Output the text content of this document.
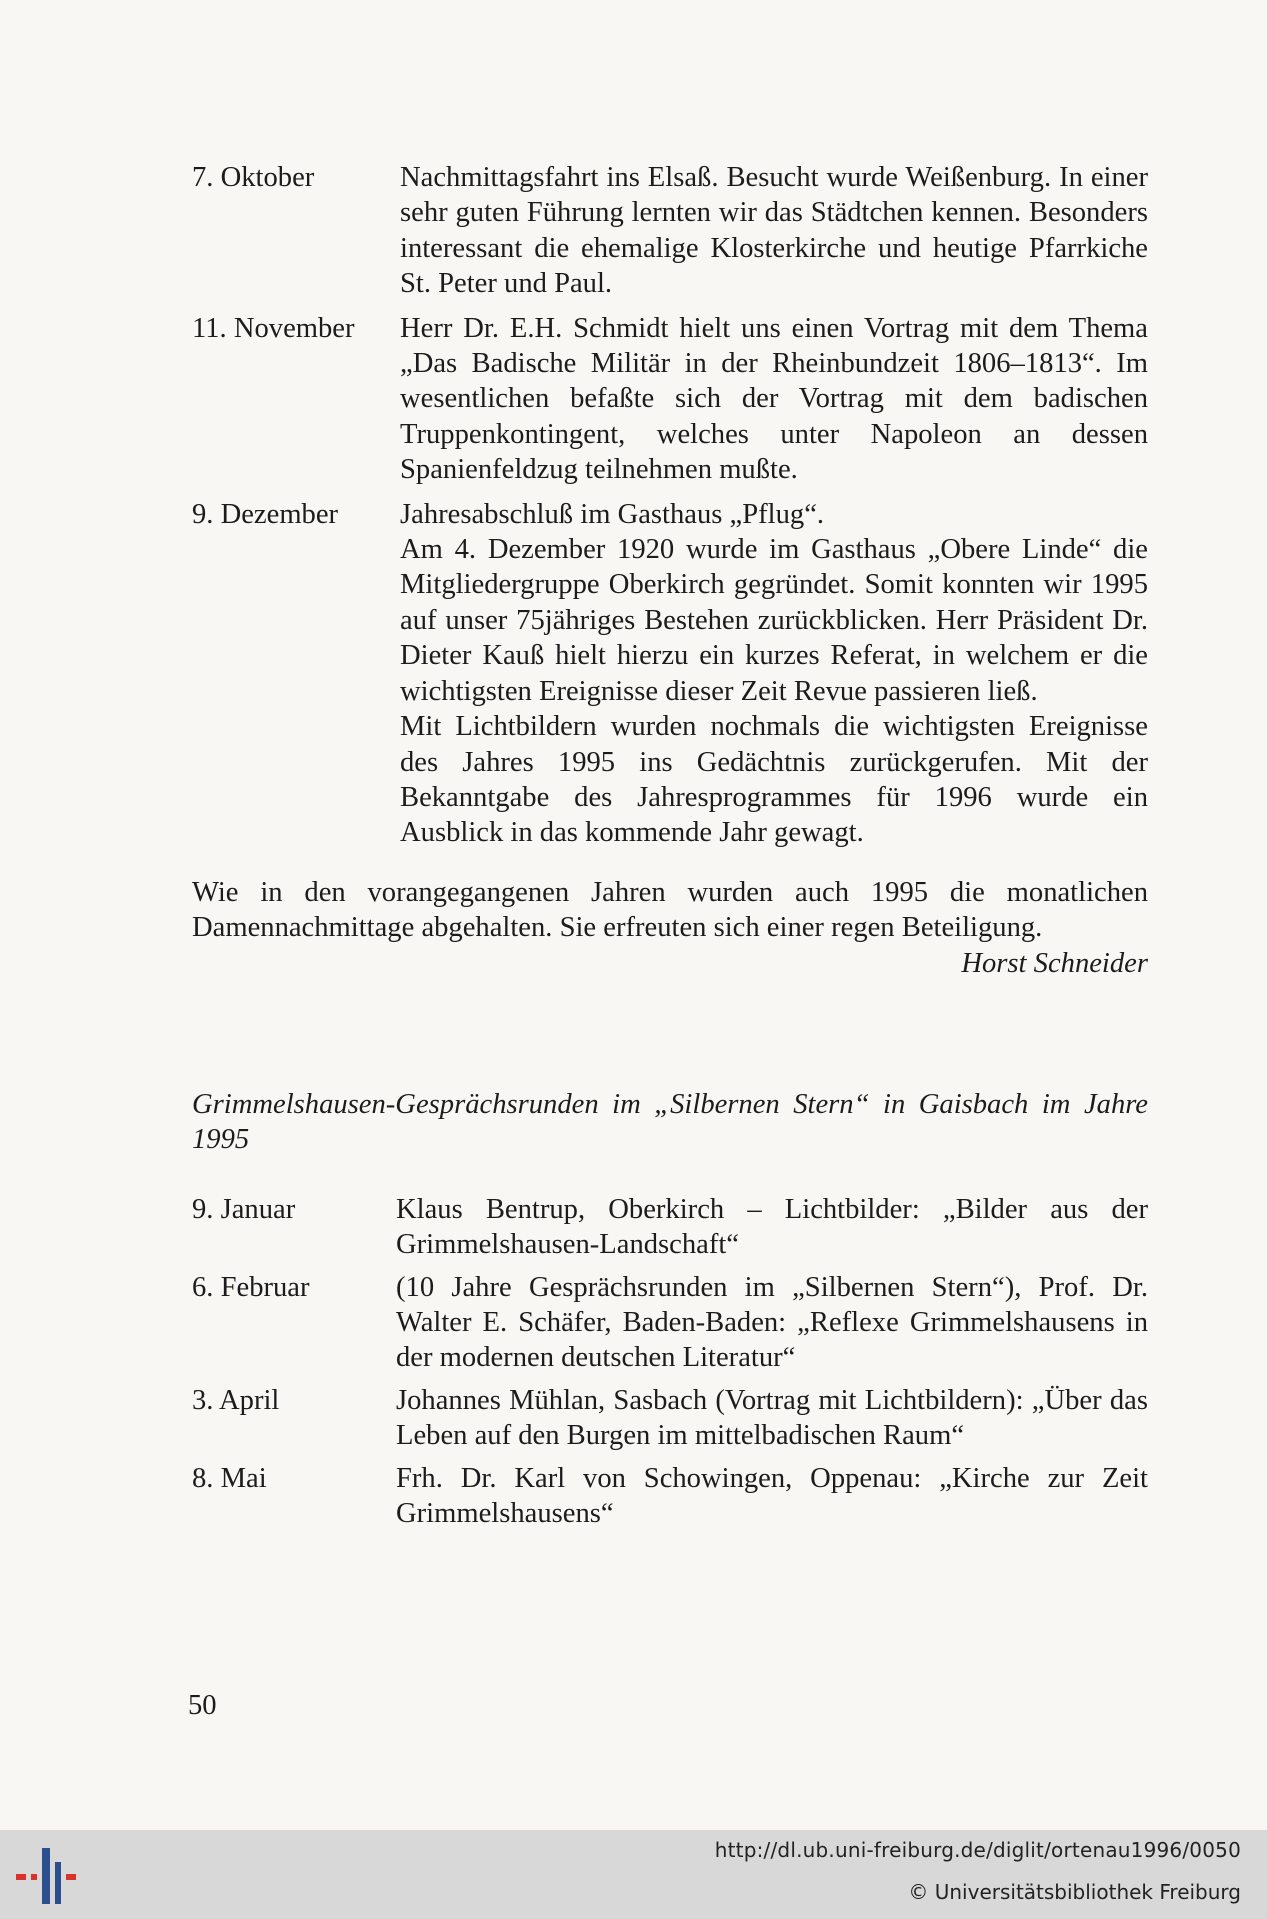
7. Oktober	Nachmittagsfahrt ins Elsaß. Besucht wurde Weißenburg. In einer sehr guten Führung lernten wir das Städtchen kennen. Besonders interessant die ehemalige Klosterkirche und heutige Pfarrkiche St. Peter und Paul.

11. November	Herr Dr. E.H. Schmidt hielt uns einen Vortrag mit dem Thema „Das Badische Militär in der Rheinbundzeit 1806–1813“. Im wesentlichen befaßte sich der Vortrag mit dem badischen Truppenkontingent, welches unter Napoleon an dessen Spanienfeldzug teilnehmen mußte.

9. Dezember	Jahresabschluß im Gasthaus „Pflug“.

Am 4. Dezember 1920 wurde im Gasthaus „Obere Linde“ die Mitgliedergruppe Oberkirch gegründet. Somit konnten wir 1995 auf unser 75jähriges Bestehen zurückblicken. Herr Präsident Dr. Dieter Kauß hielt hierzu ein kurzes Referat, in welchem er die wichtigsten Ereignisse dieser Zeit Revue passieren ließ.

Mit Lichtbildern wurden nochmals die wichtigsten Ereignisse des Jahres 1995 ins Gedächtnis zurückgerufen. Mit der Bekanntgabe des Jahresprogrammes für 1996 wurde ein Ausblick in das kommende Jahr gewagt.

Wie in den vorangegangenen Jahren wurden auch 1995 die monatlichen Damennachmittage abgehalten. Sie erfreuten sich einer regen Beteiligung.
Horst Schneider
Grimmelshausen-Gesprächsrunden im „Silbernen Stern“ in Gaisbach im Jahre 1995
9. Januar	Klaus Bentrup, Oberkirch – Lichtbilder: „Bilder aus der Grimmelshausen-Landschaft“
6. Februar	(10 Jahre Gesprächsrunden im „Silbernen Stern“), Prof. Dr. Walter E. Schäfer, Baden-Baden: „Reflexe Grimmelshausens in der modernen deutschen Literatur“
3. April	Johannes Mühlan, Sasbach (Vortrag mit Lichtbildern): „Über das Leben auf den Burgen im mittelbadischen Raum“
8. Mai	Frh. Dr. Karl von Schowingen, Oppenau: „Kirche zur Zeit Grimmelshausens“
50
http://dl.ub.uni-freiburg.de/diglit/ortenau1996/0050
© Universitätsbibliothek Freiburg
